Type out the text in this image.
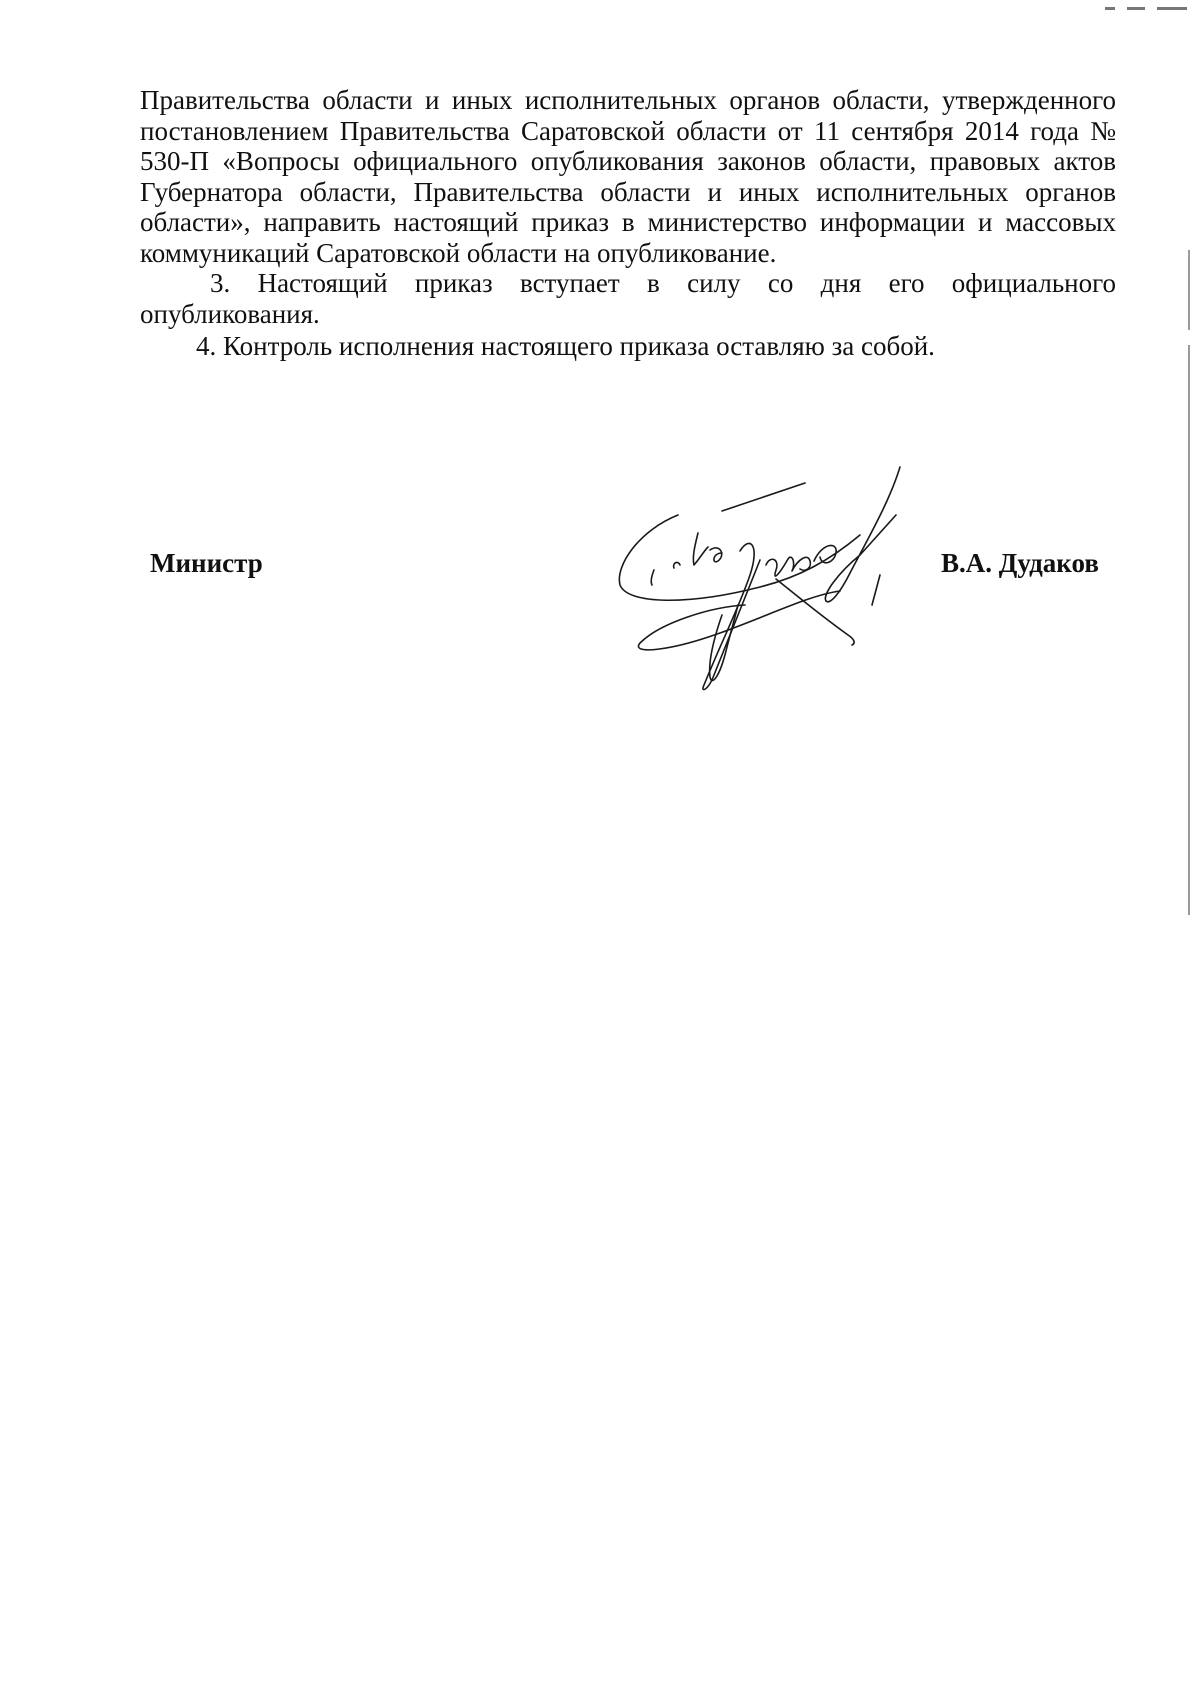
Правительства области и иных исполнительных органов области, утвержденного постановлением Правительства Саратовской области от 11 сентября 2014 года № 530-П «Вопросы официального опубликования законов области, правовых актов Губернатора области, Правительства области и иных исполнительных органов области», направить настоящий приказ в министерство информации и массовых коммуникаций Саратовской области на опубликование.

3. Настоящий приказ вступает в силу со дня его официального опубликования.

4. Контроль исполнения настоящего приказа оставляю за собой.

Министр	В.А. Дудаков
